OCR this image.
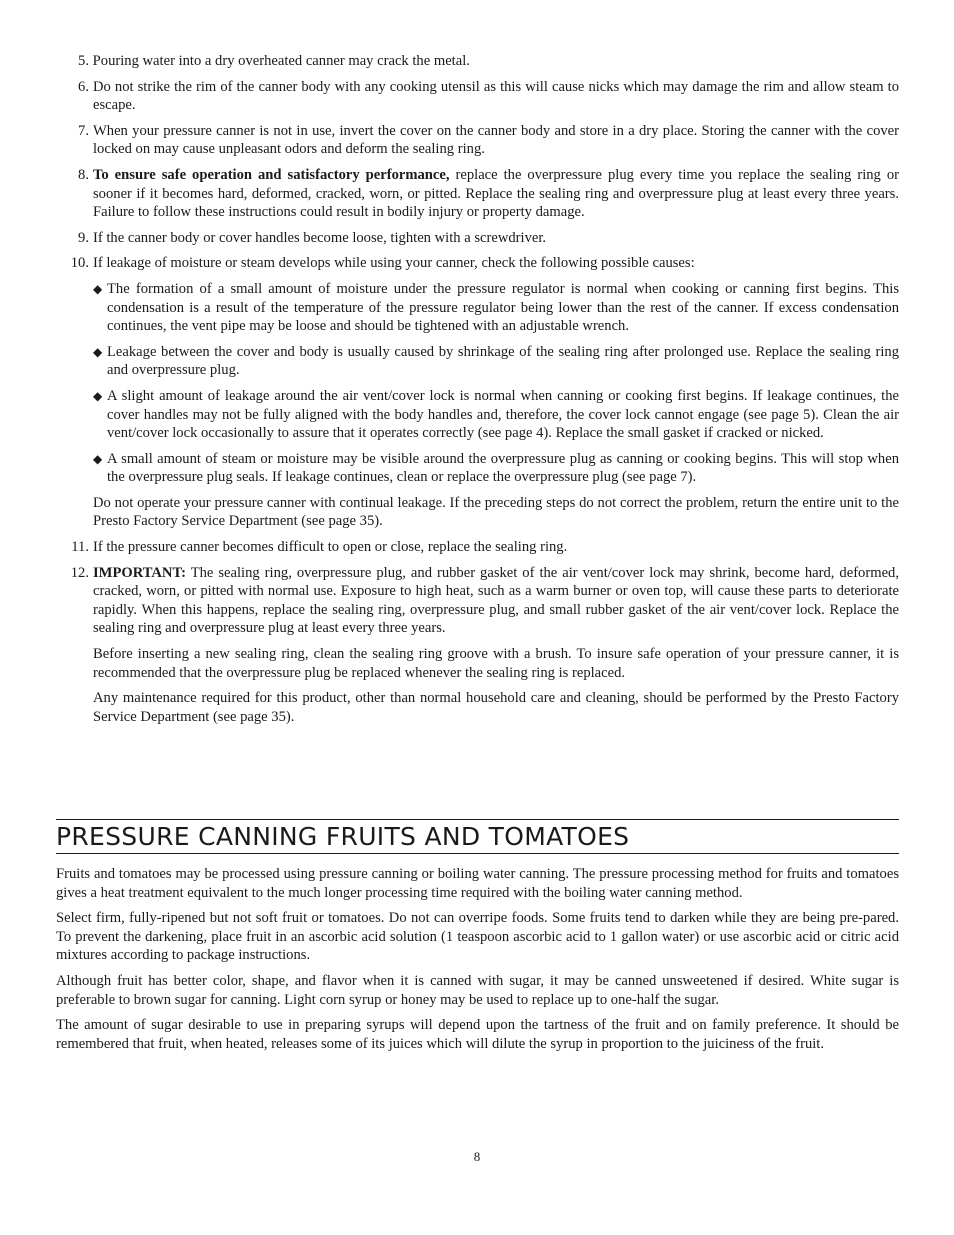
5. Pouring water into a dry overheated canner may crack the metal.
6. Do not strike the rim of the canner body with any cooking utensil as this will cause nicks which may damage the rim and allow steam to escape.
7. When your pressure canner is not in use, invert the cover on the canner body and store in a dry place. Storing the canner with the cover locked on may cause unpleasant odors and deform the sealing ring.
8. To ensure safe operation and satisfactory performance, replace the overpressure plug every time you replace the sealing ring or sooner if it becomes hard, deformed, cracked, worn, or pitted. Replace the sealing ring and overpressure plug at least every three years. Failure to follow these instructions could result in bodily injury or property damage.
9. If the canner body or cover handles become loose, tighten with a screwdriver.
10. If leakage of moisture or steam develops while using your canner, check the following possible causes:

◆ The formation of a small amount of moisture under the pressure regulator is normal when cooking or canning first begins. This condensation is a result of the temperature of the pressure regulator being lower than the rest of the canner. If excess condensation continues, the vent pipe may be loose and should be tightened with an adjustable wrench.
◆ Leakage between the cover and body is usually caused by shrinkage of the sealing ring after prolonged use. Replace the sealing ring and overpressure plug.
◆ A slight amount of leakage around the air vent/cover lock is normal when canning or cooking first begins. If leakage continues, the cover handles may not be fully aligned with the body handles and, therefore, the cover lock cannot engage (see page 5). Clean the air vent/cover lock occasionally to assure that it operates correctly (see page 4). Replace the small gasket if cracked or nicked.
◆ A small amount of steam or moisture may be visible around the overpressure plug as canning or cooking begins. This will stop when the overpressure plug seals. If leakage continues, clean or replace the overpressure plug (see page 7).

Do not operate your pressure canner with continual leakage. If the preceding steps do not correct the problem, return the entire unit to the Presto Factory Service Department (see page 35).

11. If the pressure canner becomes difficult to open or close, replace the sealing ring.
12. IMPORTANT: The sealing ring, overpressure plug, and rubber gasket of the air vent/cover lock may shrink, become hard, deformed, cracked, worn, or pitted with normal use. Exposure to high heat, such as a warm burner or oven top, will cause these parts to deteriorate rapidly. When this happens, replace the sealing ring, overpressure plug, and small rubber gasket of the air vent/cover lock. Replace the sealing ring and overpressure plug at least every three years.

Before inserting a new sealing ring, clean the sealing ring groove with a brush. To insure safe operation of your pressure canner, it is recommended that the overpressure plug be replaced whenever the sealing ring is replaced.

Any maintenance required for this product, other than normal household care and cleaning, should be performed by the Presto Factory Service Department (see page 35).

PRESSURE CANNING FRUITS AND TOMATOES

Fruits and tomatoes may be processed using pressure canning or boiling water canning. The pressure processing method for fruits and tomatoes gives a heat treatment equivalent to the much longer processing time required with the boiling water canning method.

Select firm, fully-ripened but not soft fruit or tomatoes. Do not can overripe foods. Some fruits tend to darken while they are being pre-pared. To prevent the darkening, place fruit in an ascorbic acid solution (1 teaspoon ascorbic acid to 1 gallon water) or use ascorbic acid or citric acid mixtures according to package instructions.

Although fruit has better color, shape, and flavor when it is canned with sugar, it may be canned unsweetened if desired. White sugar is preferable to brown sugar for canning. Light corn syrup or honey may be used to replace up to one-half the sugar.

The amount of sugar desirable to use in preparing syrups will depend upon the tartness of the fruit and on family preference. It should be remembered that fruit, when heated, releases some of its juices which will dilute the syrup in proportion to the juiciness of the fruit.

8
